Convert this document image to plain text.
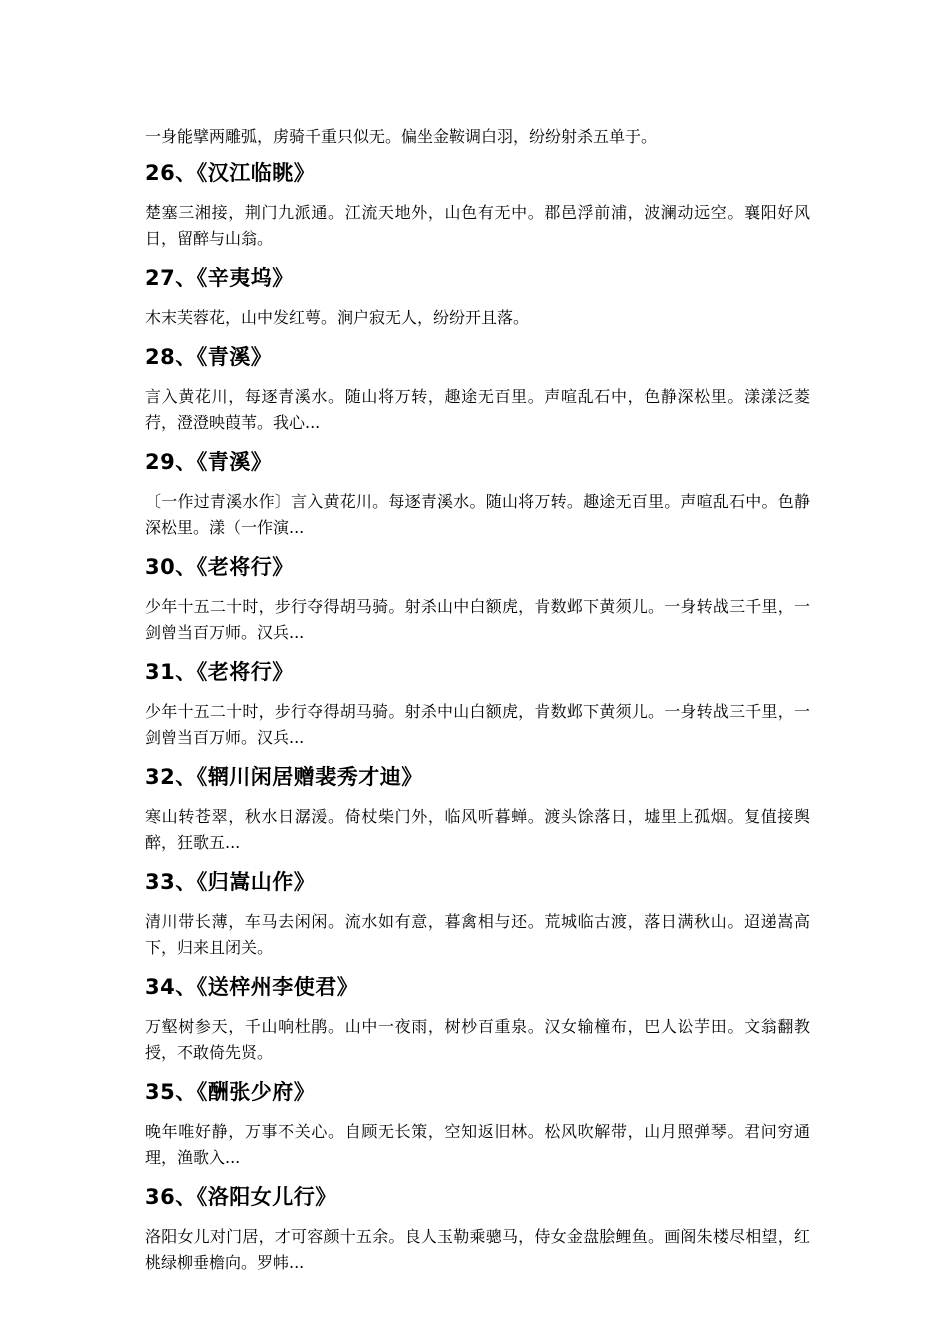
一身能擘两雕弧，虏骑千重只似无。偏坐金鞍调白羽，纷纷射杀五单于。

26、《汉江临眺》

楚塞三湘接，荆门九派通。江流天地外，山色有无中。郡邑浮前浦，波澜动远空。襄阳好风日，留醉与山翁。

27、《辛夷坞》

木末芙蓉花，山中发红萼。涧户寂无人，纷纷开且落。

28、《青溪》

言入黄花川，每逐青溪水。随山将万转，趣途无百里。声喧乱石中，色静深松里。漾漾泛菱荇，澄澄映葭苇。我心...

29、《青溪》

〔一作过青溪水作〕言入黄花川。每逐青溪水。随山将万转。趣途无百里。声喧乱石中。色静深松里。漾（一作演...

30、《老将行》

少年十五二十时，步行夺得胡马骑。射杀山中白额虎，肯数邺下黄须儿。一身转战三千里，一剑曾当百万师。汉兵...

31、《老将行》

少年十五二十时，步行夺得胡马骑。射杀中山白额虎，肯数邺下黄须儿。一身转战三千里，一剑曾当百万师。汉兵...

32、《辋川闲居赠裴秀才迪》

寒山转苍翠，秋水日潺湲。倚杖柴门外，临风听暮蝉。渡头馀落日，墟里上孤烟。复值接舆醉，狂歌五...

33、《归嵩山作》

清川带长薄，车马去闲闲。流水如有意，暮禽相与还。荒城临古渡，落日满秋山。迢递嵩高下，归来且闭关。

34、《送梓州李使君》

万壑树参天，千山响杜鹃。山中一夜雨，树杪百重泉。汉女输橦布，巴人讼芋田。文翁翻教授，不敢倚先贤。

35、《酬张少府》

晚年唯好静，万事不关心。自顾无长策，空知返旧林。松风吹解带，山月照弹琴。君问穷通理，渔歌入...

36、《洛阳女儿行》

洛阳女儿对门居，才可容颜十五余。良人玉勒乘骢马，侍女金盘脍鲤鱼。画阁朱楼尽相望，红桃绿柳垂檐向。罗帏...
